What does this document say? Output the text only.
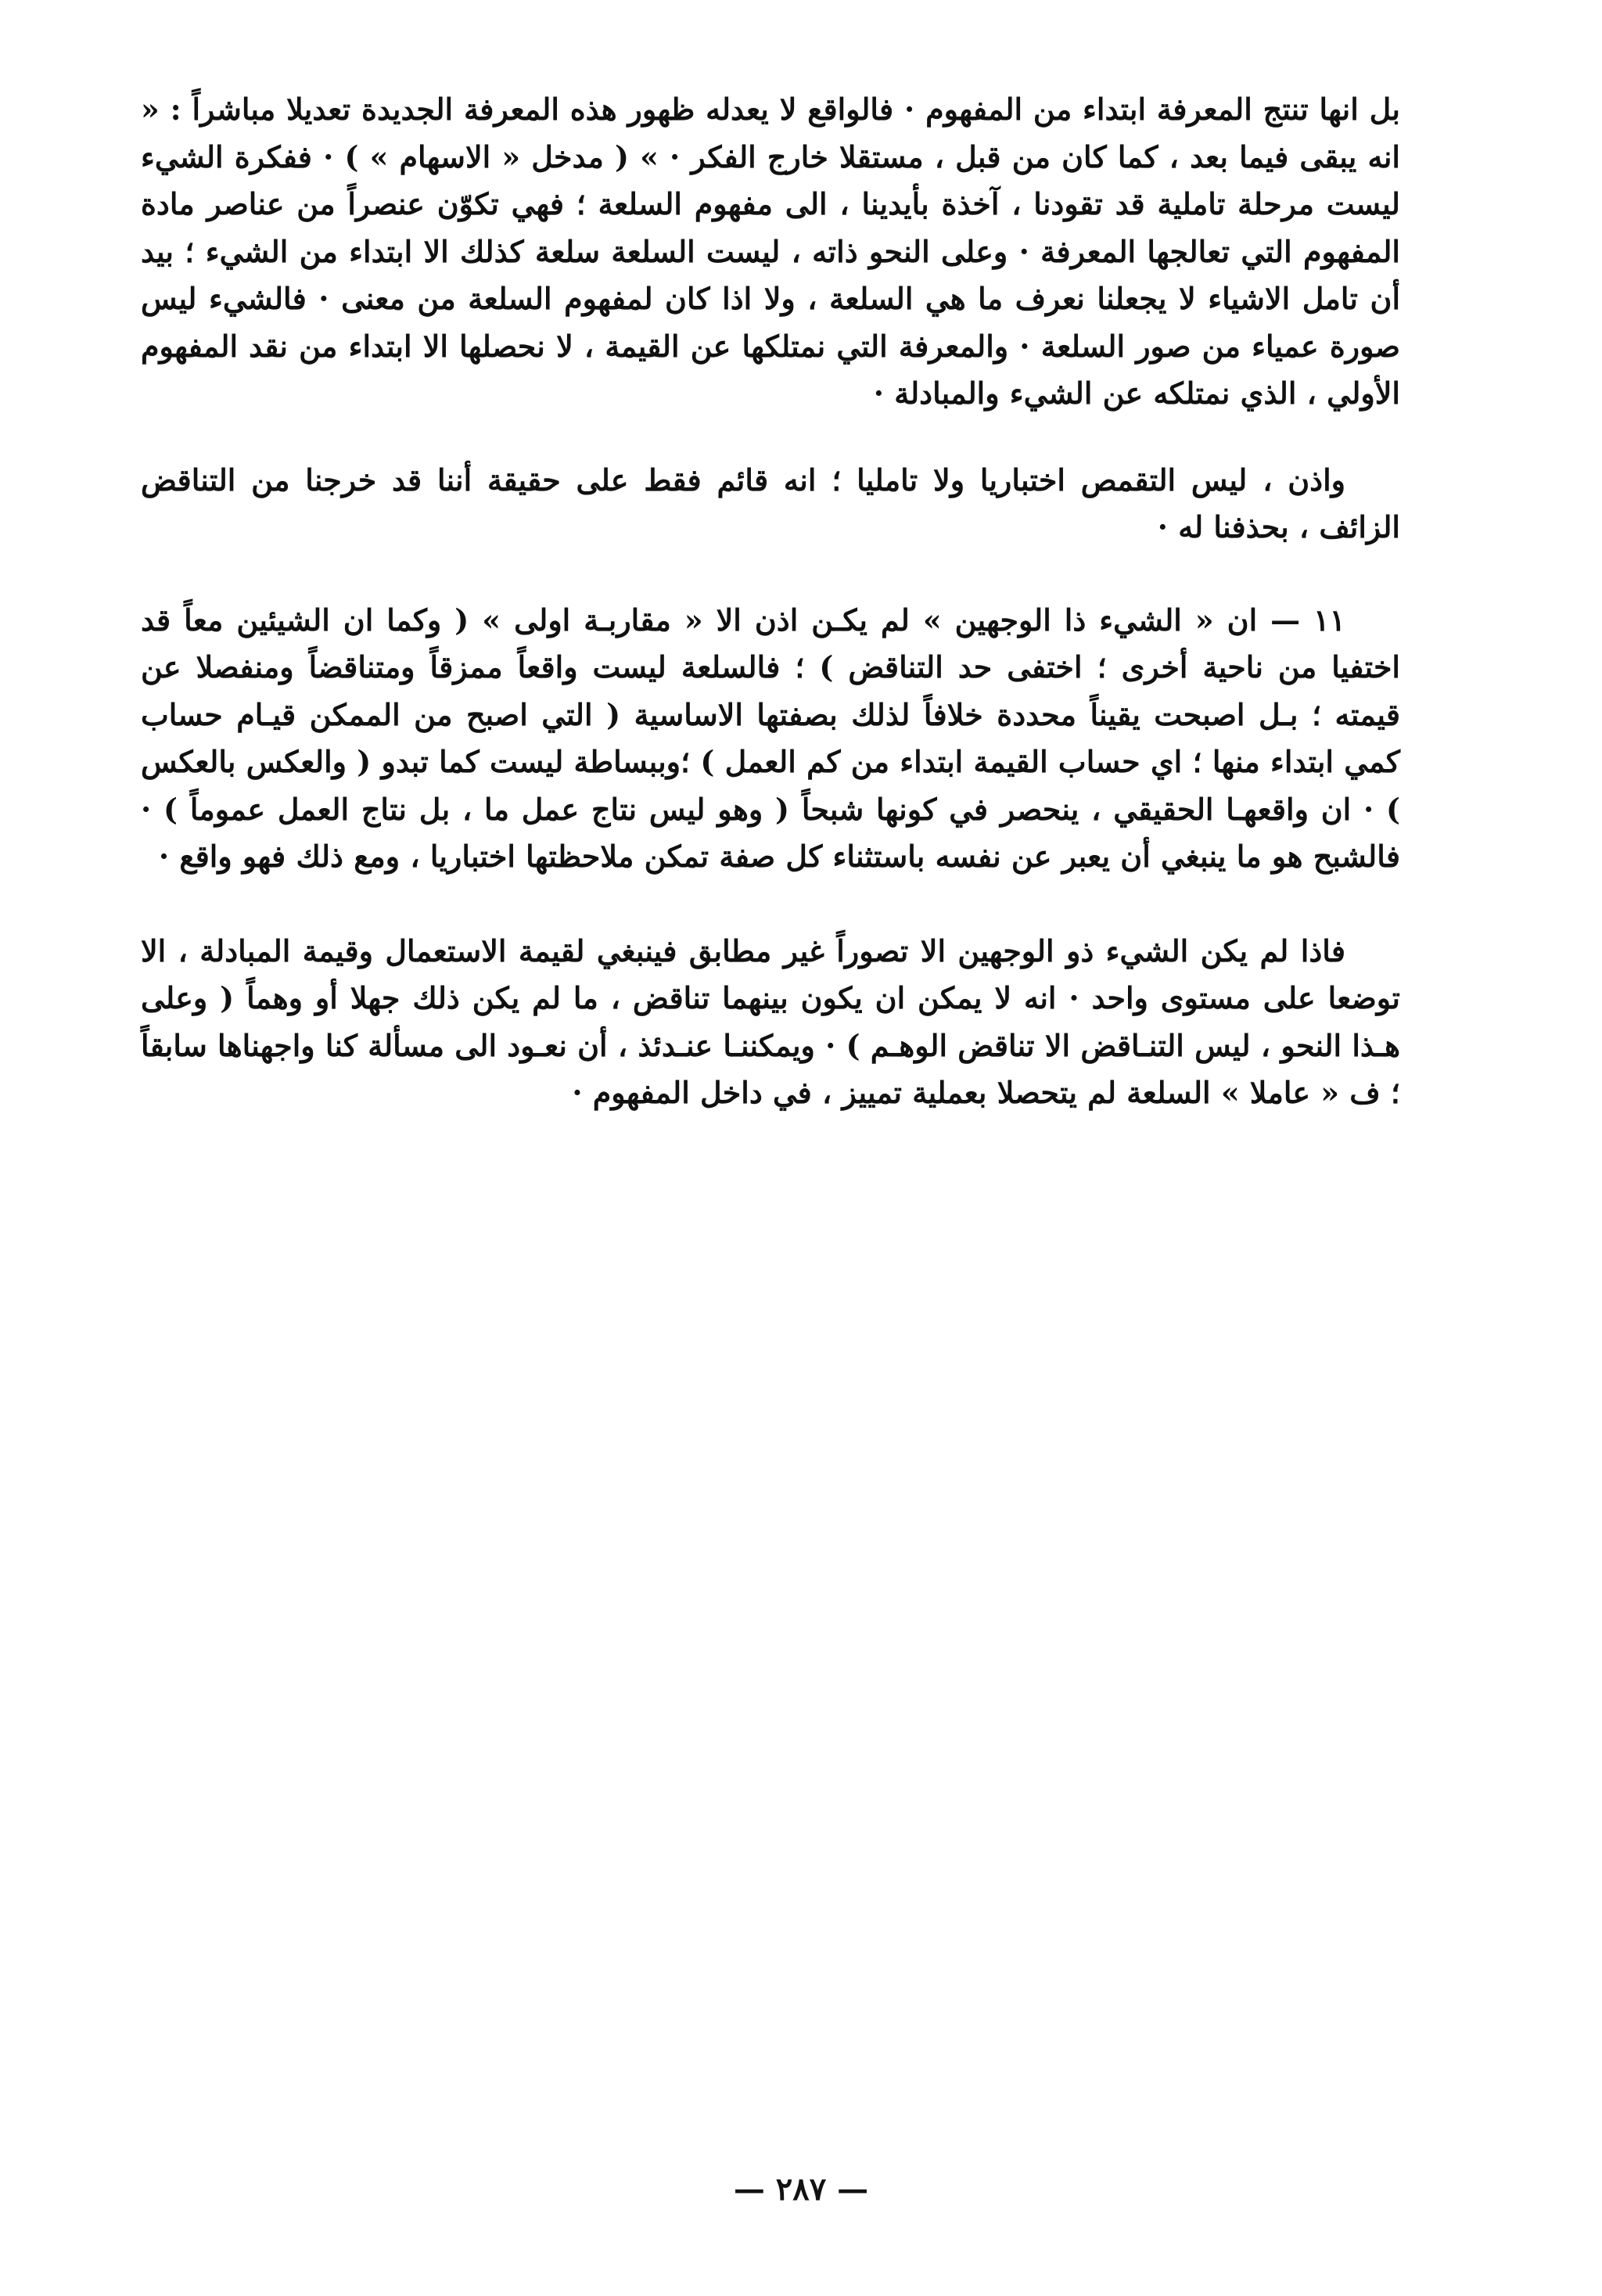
بل انها تنتج المعرفة ابتداء من المفهوم · فالواقع لا يعدله ظهور هذه المعرفة الجديدة تعديلا مباشراً : « انه يبقى فيما بعد ، كما كان من قبل ، مستقلا خارج الفكر · » ( مدخل « الاسهام » ) · ففكرة الشيء ليست مرحلة تاملية قد تقودنا ، آخذة بأيدينا ، الى مفهوم السلعة ؛ فهي تكوّن عنصراً من عناصر مادة المفهوم التي تعالجها المعرفة · وعلى النحو ذاته ، ليست السلعة سلعة كذلك الا ابتداء من الشيء ؛ بيد أن تامل الاشياء لا يجعلنا نعرف ما هي السلعة ، ولا اذا كان لمفهوم السلعة من معنى · فالشيء ليس صورة عمياء من صور السلعة · والمعرفة التي نمتلكها عن القيمة ، لا نحصلها الا ابتداء من نقد المفهوم الأولي ، الذي نمتلكه عن الشيء والمبادلة ·

واذن ، ليس التقمص اختباريا ولا تامليا ؛ انه قائم فقط على حقيقة أننا قد خرجنا من التناقض الزائف ، بحذفنا له ·

١١ — ان « الشيء ذا الوجهين » لم يكـن اذن الا « مقاربـة اولى » ( وكما ان الشيئين معاً قد اختفيا من ناحية أخرى ؛ اختفى حد التناقض ) ؛ فالسلعة ليست واقعاً ممزقاً ومتناقضاً ومنفصلا عن قيمته ؛ بـل اصبحت يقيناً محددة خلافاً لذلك بصفتها الاساسية ( التي اصبح من الممكن قيـام حساب كمي ابتداء منها ؛ اي حساب القيمة ابتداء من كم العمل ) ؛وببساطة ليست كما تبدو ( والعكس بالعكس ) · ان واقعهـا الحقيقي ، ينحصر في كونها شبحاً ( وهو ليس نتاج عمل ما ، بل نتاج العمل عموماً ) · فالشبح هو ما ينبغي أن يعبر عن نفسه باستثناء كل صفة تمكن ملاحظتها اختباريا ، ومع ذلك فهو واقع ·

فاذا لم يكن الشيء ذو الوجهين الا تصوراً غير مطابق فينبغي لقيمة الاستعمال وقيمة المبادلة ، الا توضعا على مستوى واحد · انه لا يمكن ان يكون بينهما تناقض ، ما لم يكن ذلك جهلا أو وهماً ( وعلى هـذا النحو ، ليس التنـاقض الا تناقض الوهـم ) · ويمكننـا عنـدئذ ، أن نعـود الى مسألة كنا واجهناها سابقاً ؛ ف « عاملا » السلعة لم يتحصلا بعملية تمييز ، في داخل المفهوم ·

— ٢٨٧ —
